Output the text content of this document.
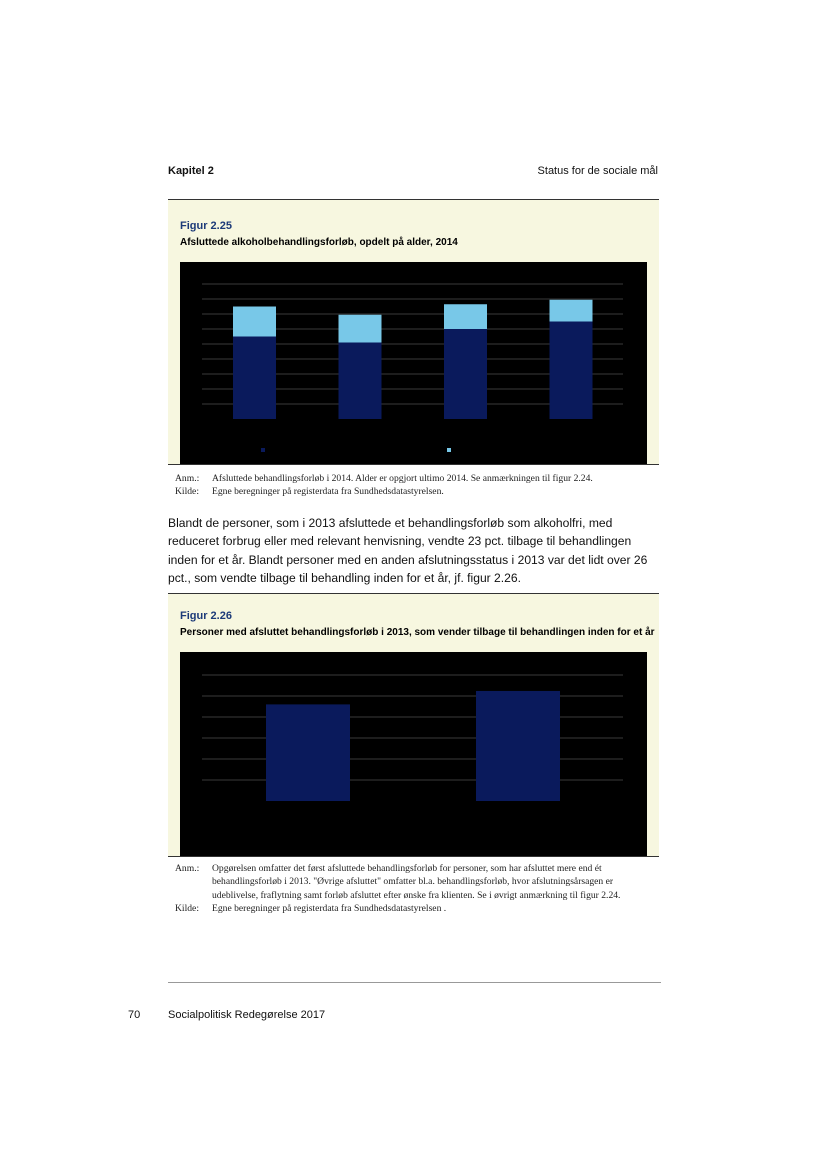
Kapitel 2	Status for de sociale mål
Figur 2.25
Afsluttede alkoholbehandlingsforløb, opdelt på alder, 2014
Anm.:	Afsluttede behandlingsforløb i 2014. Alder er opgjort ultimo 2014. Se anmærkningen til figur 2.24.
Kilde:	Egne beregninger på registerdata fra Sundhedsdatastyrelsen.

Blandt de personer, som i 2013 afsluttede et behandlingsforløb som alkoholfri, med reduceret forbrug eller med relevant henvisning, vendte 23 pct. tilbage til behandlingen inden for et år. Blandt personer med en anden afslutningsstatus i 2013 var det lidt over 26 pct., som vendte tilbage til behandling inden for et år, jf. figur 2.26.

Figur 2.26
Personer med afsluttet behandlingsforløb i 2013, som vender tilbage til behandlingen inden for et år
Anm.:	Opgørelsen omfatter det først afsluttede behandlingsforløb for personer, som har afsluttet mere end ét behandlingsforløb i 2013. "Øvrige afsluttet" omfatter bl.a. behandlingsforløb, hvor afslutningsårsagen er udeblivelse, fraflytning samt forløb afsluttet efter ønske fra klienten. Se i øvrigt anmærkning til figur 2.24.
Kilde:	Egne beregninger på registerdata fra Sundhedsdatastyrelsen .
70	Socialpolitisk Redegørelse 2017
